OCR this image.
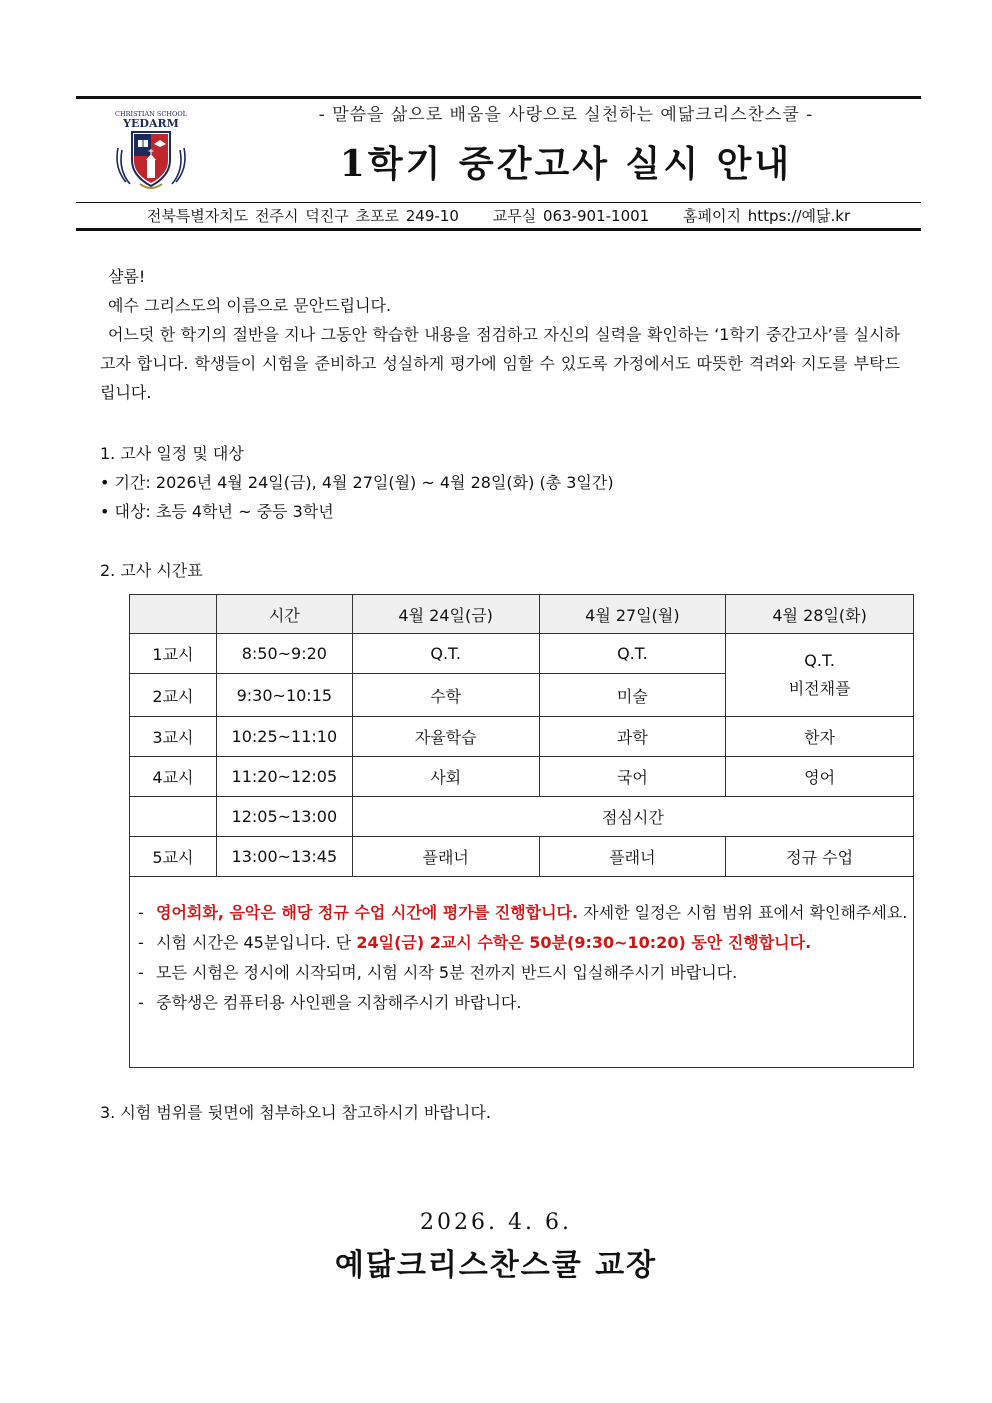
CHRISTIAN SCHOOL
YEDARM	- 말씀을 삶으로 배움을 사랑으로 실천하는 예닮크리스찬스쿨 -
1학기 중간고사 실시 안내
전북특별자치도 전주시 덕진구 초포로 249-10 교무실 063-901-1001 홈페이지 https://예닮.kr
샬롬!
예수 그리스도의 이름으로 문안드립니다.
어느덧 한 학기의 절반을 지나 그동안 학습한 내용을 점검하고 자신의 실력을 확인하는 ‘1학기 중간고사’를 실시하고자 합니다. 학생들이 시험을 준비하고 성실하게 평가에 임할 수 있도록 가정에서도 따뜻한 격려와 지도를 부탁드립니다.
1. 고사 일정 및 대상
• 기간: 2026년 4월 24일(금), 4월 27일(월) ~ 4월 28일(화) (총 3일간)
• 대상: 초등 4학년 ~ 중등 3학년
2. 고사 시간표
	시간	4월 24일(금)	4월 27일(월)	4월 28일(화)
1교시	8:50~9:20	Q.T.	Q.T.	Q.T.
비전채플

2교시	9:30~10:15	수학	미술	
3교시	10:25~11:10	자율학습	과학	한자
4교시	11:20~12:05	사회	국어	영어
	12:05~13:00	점심시간		
5교시	13:00~13:45	플래너	플래너	정규 수업
- 영어회화, 음악은 해당 정규 수업 시간에 평가를 진행합니다. 자세한 일정은 시험 범위 표에서 확인해주세요.
- 시험 시간은 45분입니다. 단 24일(금) 2교시 수학은 50분(9:30~10:20) 동안 진행합니다.
- 모든 시험은 정시에 시작되며, 시험 시작 5분 전까지 반드시 입실해주시기 바랍니다.
- 중학생은 컴퓨터용 사인펜을 지참해주시기 바랍니다.
3. 시험 범위를 뒷면에 첨부하오니 참고하시기 바랍니다.
2026. 4. 6.
예닮크리스찬스쿨 교장
